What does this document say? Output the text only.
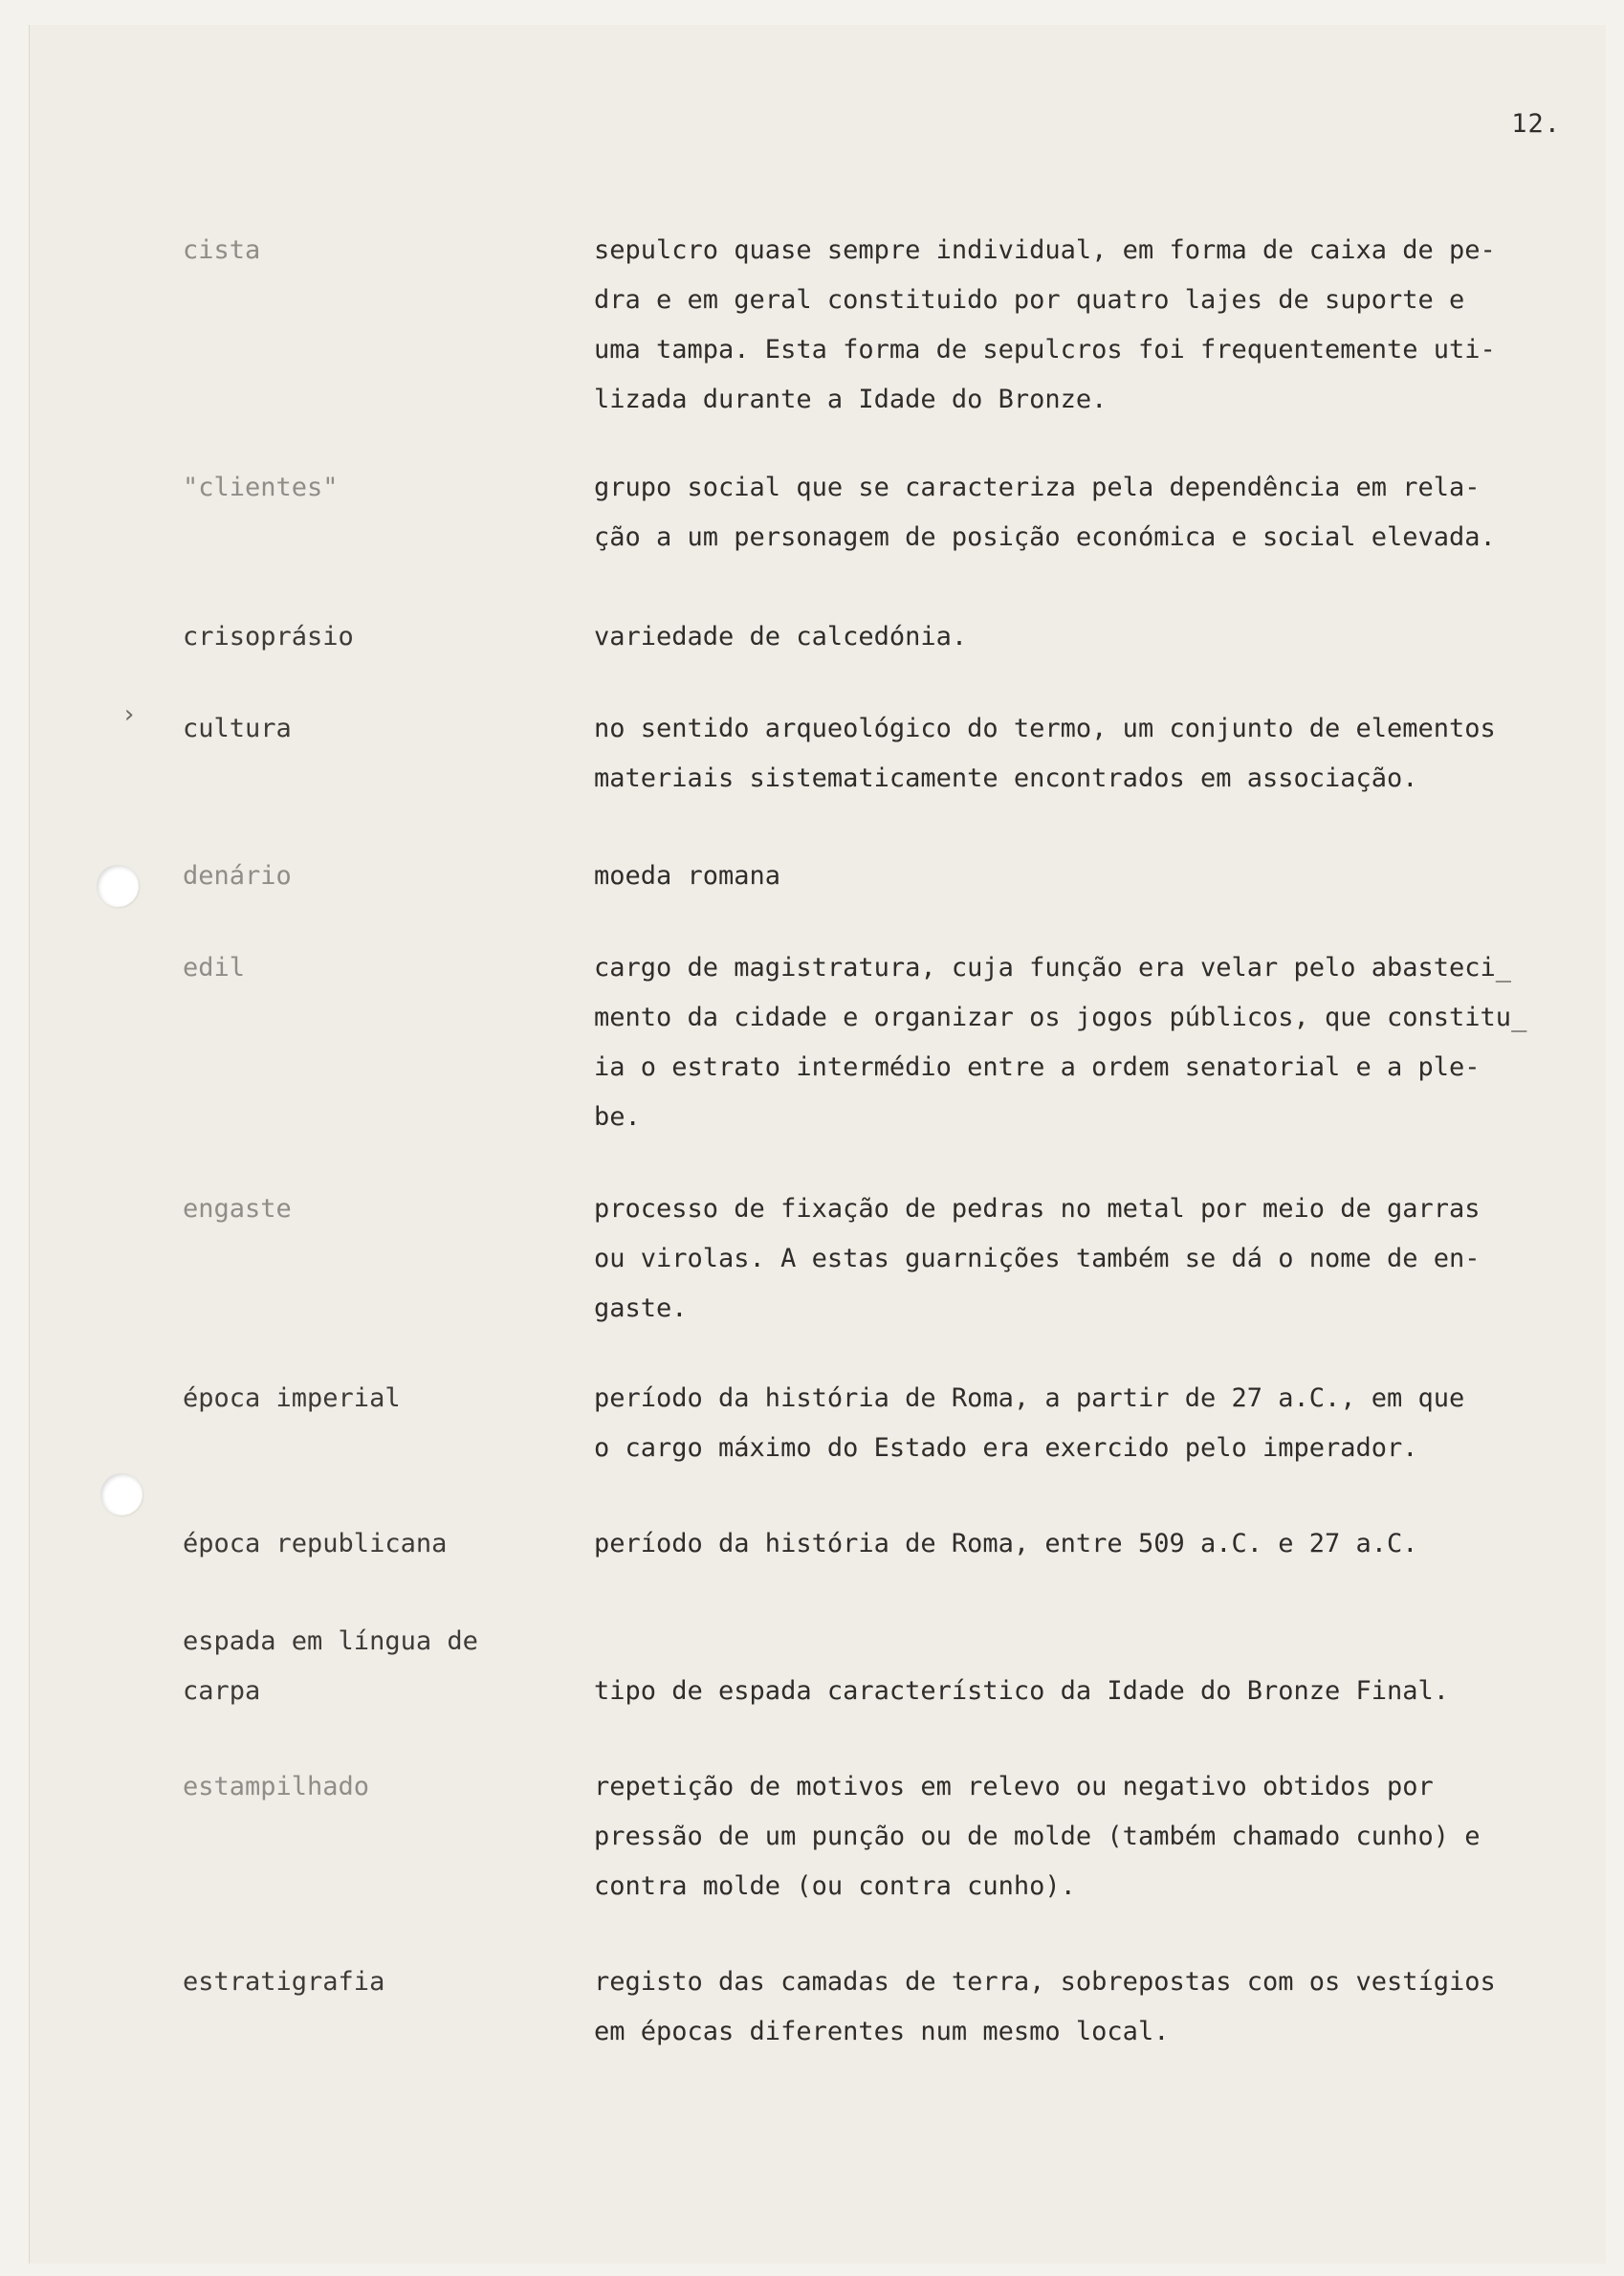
12.
›
cista	sepulcro quase sempre individual, em forma de caixa de pe-
dra e em geral constituido por quatro lajes de suporte e
uma tampa. Esta forma de sepulcros foi frequentemente uti-
lizada durante a Idade do Bronze.
"clientes"	grupo social que se caracteriza pela dependência em rela-
ção a um personagem de posição económica e social elevada.
crisoprásio	variedade de calcedónia.
cultura	no sentido arqueológico do termo, um conjunto de elementos
materiais sistematicamente encontrados em associação.
denário	moeda romana
edil	cargo de magistratura, cuja função era velar pelo abasteci_
mento da cidade e organizar os jogos públicos, que constitu_
ia o estrato intermédio entre a ordem senatorial e a ple-
be.
engaste	processo de fixação de pedras no metal por meio de garras
ou virolas. A estas guarnições também se dá o nome de en-
gaste.
época imperial	período da história de Roma, a partir de 27 a.C., em que
o cargo máximo do Estado era exercido pelo imperador.
época republicana	período da história de Roma, entre 509 a.C. e 27 a.C.
espada em língua de
carpa	tipo de espada característico da Idade do Bronze Final.
estampilhado	repetição de motivos em relevo ou negativo obtidos por
pressão de um punção ou de molde (também chamado cunho) e
contra molde (ou contra cunho).
estratigrafia	registo das camadas de terra, sobrepostas com os vestígios
em épocas diferentes num mesmo local.
